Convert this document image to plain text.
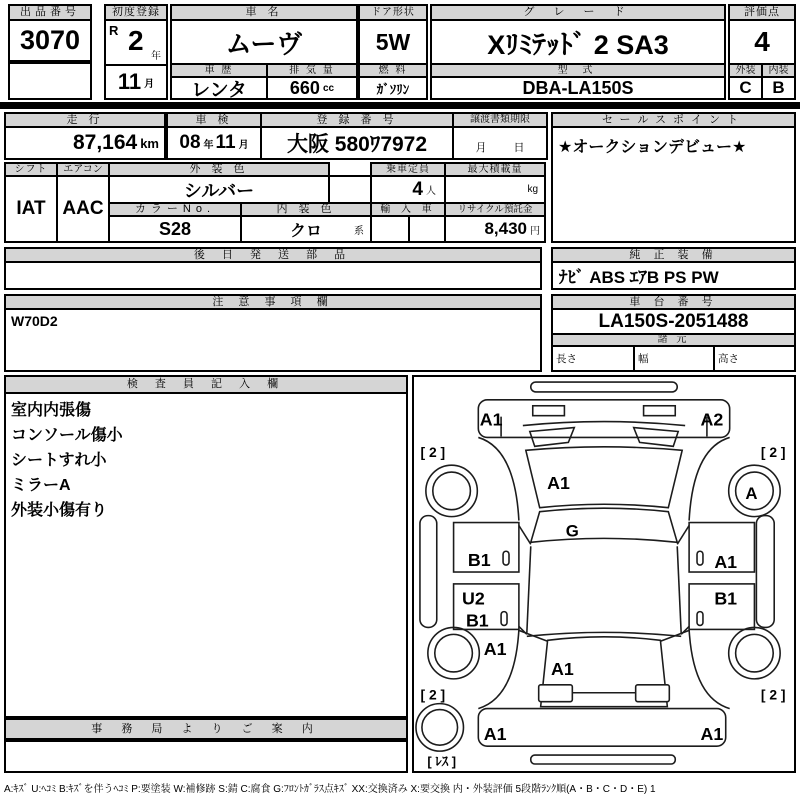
出品番号
3070
初度登録
R 2
年
11 月
車 名
ムーヴ
車 歴	排 気 量
レンタ	660 cc
ドア形状
5W
燃 料
ｶﾞｿﾘﾝ
グ レ ー ド
Xﾘﾐﾃｯﾄﾞ 2 SA3
型 式
DBA-LA150S
評価点
4
外装	内装
C	B
走 行
87,164 km
車 検
08 年 11 月
登 録 番 号
大阪 580ﾜ7972
譲渡書類期限
月 日
セールスポイント
★オークションデビュー★
シフト
IAT
エアコン
AAC
外 装 色
シルバー
カラーNo.
S28
内 装 色
クロ	系
乗車定員
4 人
最大積載量
kg
輸 入 車	リサイクル預託金
8,430 円
後 日 発 送 部 品	純 正 装 備
ﾅﾋﾞ ABS ｴｱB PS PW
注 意 事 項 欄
W70D2
車 台 番 号
LA150S-2051488
諸 元
長さ	幅	高さ
検 査 員 記 入 欄
室内内張傷
コンソール傷小
シートすれ小
ミラーA
外装小傷有り
事 務 局 よ り ご 案 内
A1	A2
[ 2 ]	[ 2 ]
A
A1
G
B1	A1
U2
B1
B1
A1
A1
[ 2 ]	[ 2 ]
A1	A1
[ ﾚｽ ]
A:ｷｽﾞ U:ﾍｺﾐ B:ｷｽﾞを伴うﾍｺﾐ P:要塗装 W:補修跡 S:錆 C:腐食 G:ﾌﾛﾝﾄｶﾞﾗｽ点ｷｽﾞ XX:交換済み X:要交換 内・外装評価 5段階ﾗﾝｸ順(A・B・C・D・E) 1
